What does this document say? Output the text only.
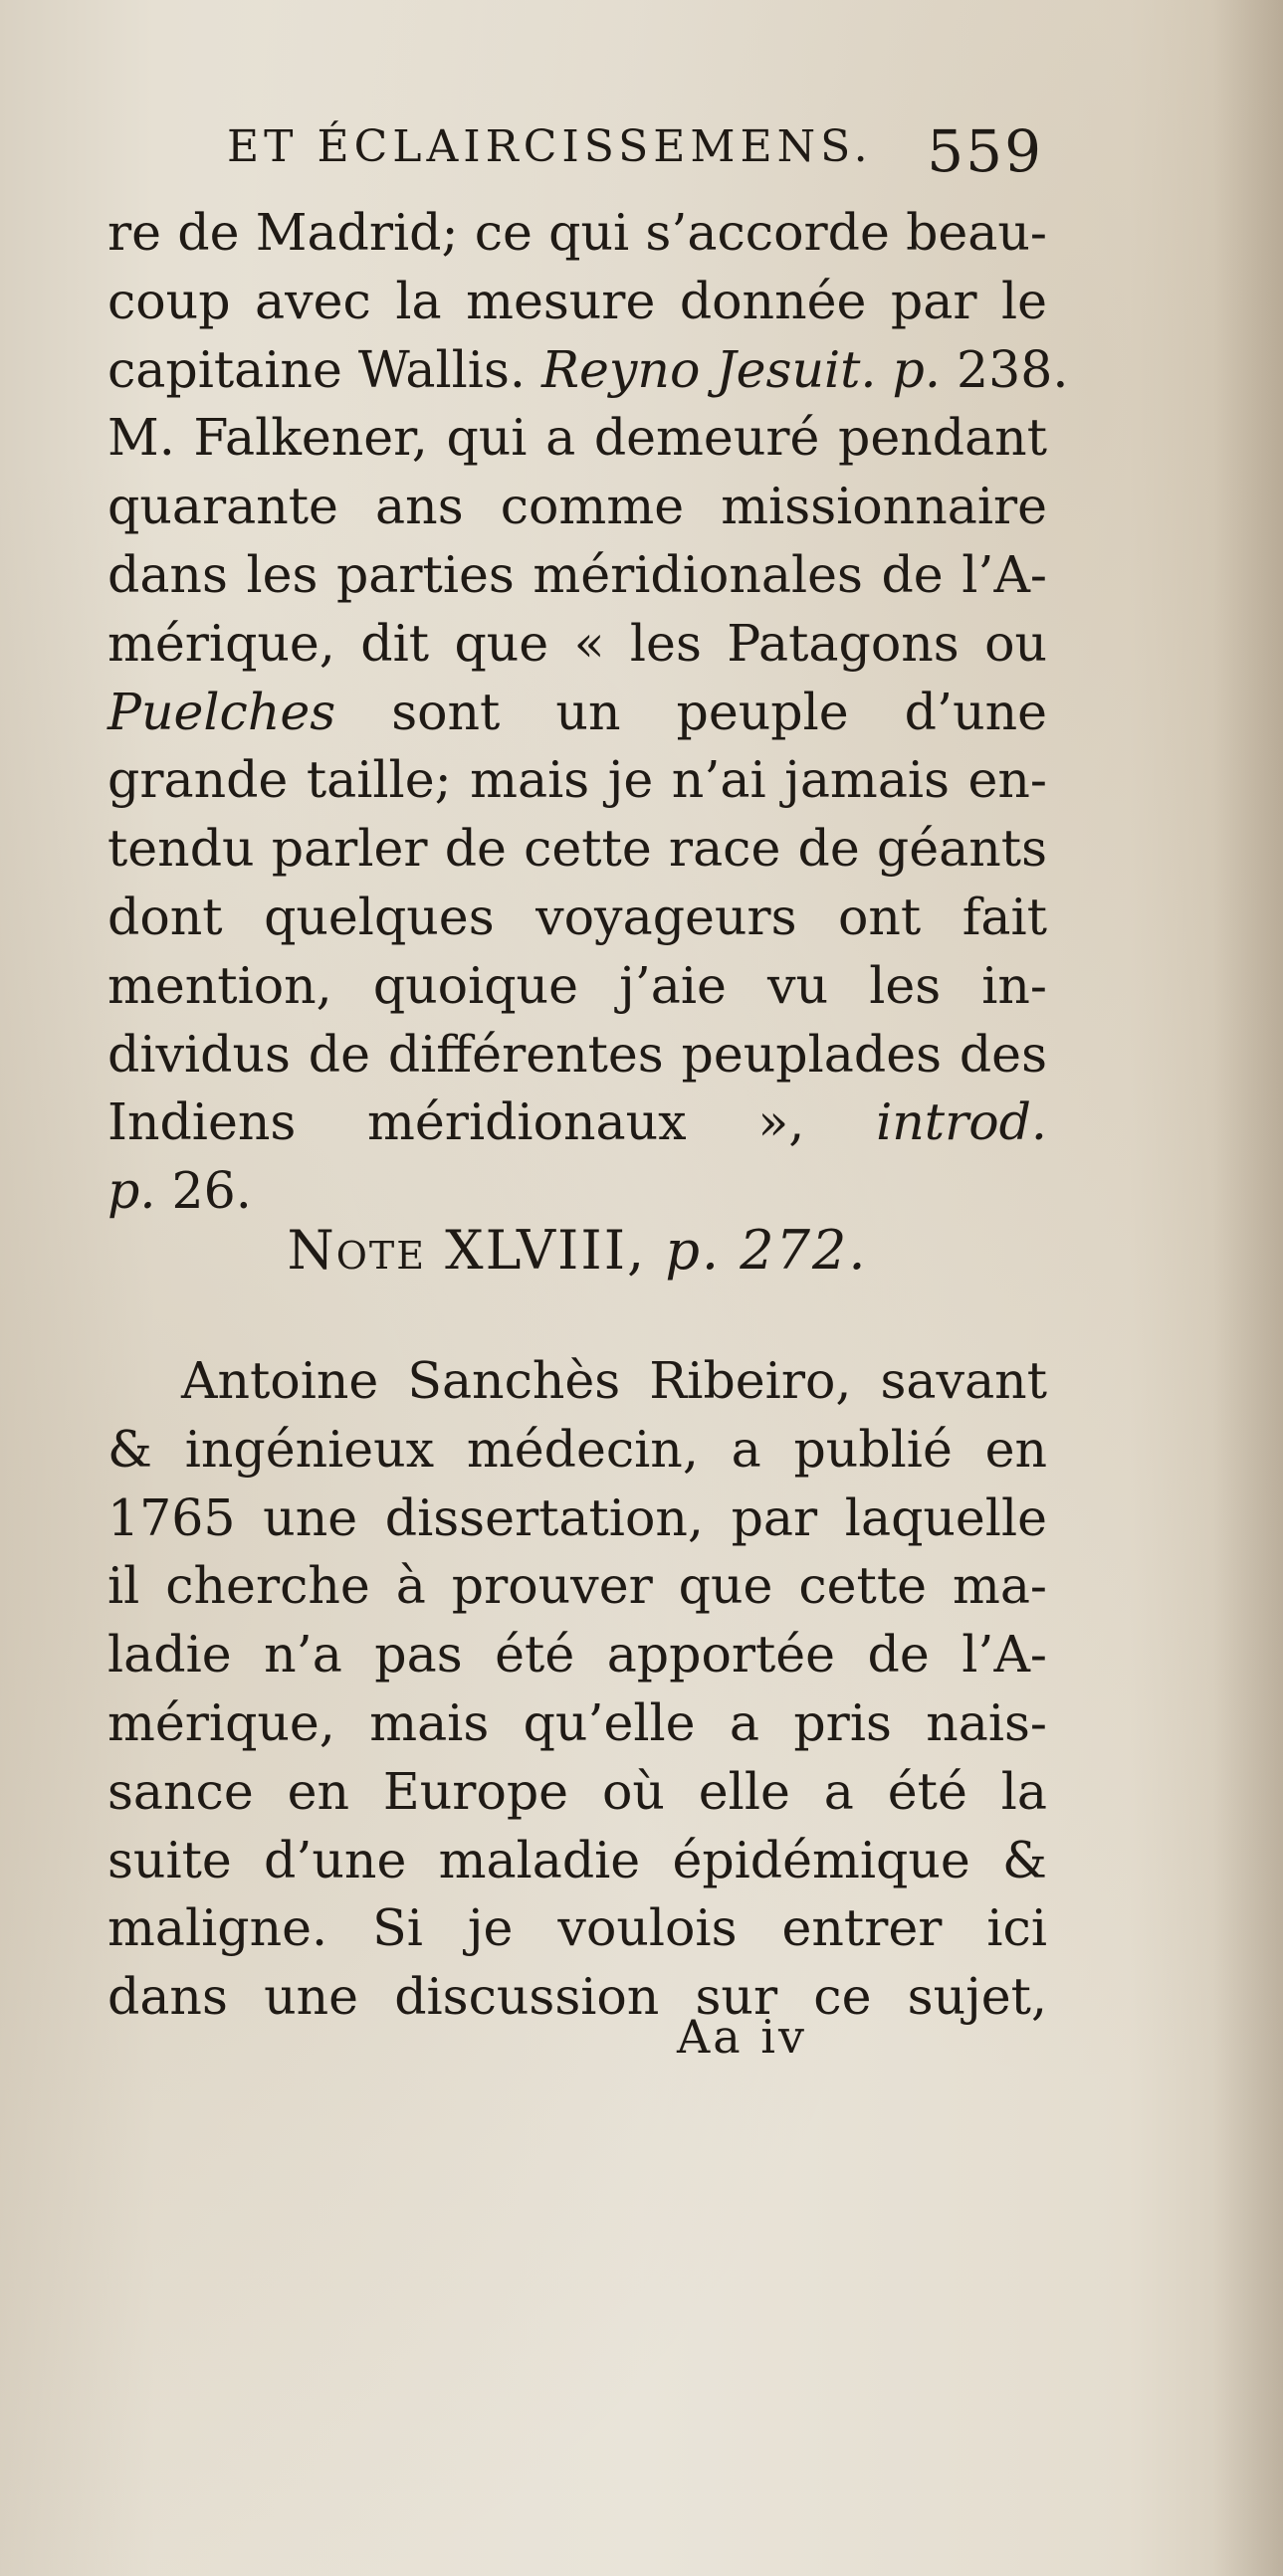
ET ÉCLAIRCISSEMENS. 559
re de Madrid; ce qui s’accorde beau-
coup avec la mesure donnée par le
capitaine Wallis. Reyno Jesuit. p. 238.
M. Falkener, qui a demeuré pendant
quarante ans comme missionnaire
dans les parties méridionales de l’A-
mérique, dit que « les Patagons ou
Puelches sont un peuple d’une
grande taille; mais je n’ai jamais en-
tendu parler de cette race de géants
dont quelques voyageurs ont fait
mention, quoique j’aie vu les in-
dividus de différentes peuplades des
Indiens méridionaux », introd.
p. 26.
Note XLVIII, p. 272.
Antoine Sanchès Ribeiro, savant
& ingénieux médecin, a publié en
1765 une dissertation, par laquelle
il cherche à prouver que cette ma-
ladie n’a pas été apportée de l’A-
mérique, mais qu’elle a pris nais-
sance en Europe où elle a été la
suite d’une maladie épidémique &
maligne. Si je voulois entrer ici
dans une discussion sur ce sujet,
Aa iv
